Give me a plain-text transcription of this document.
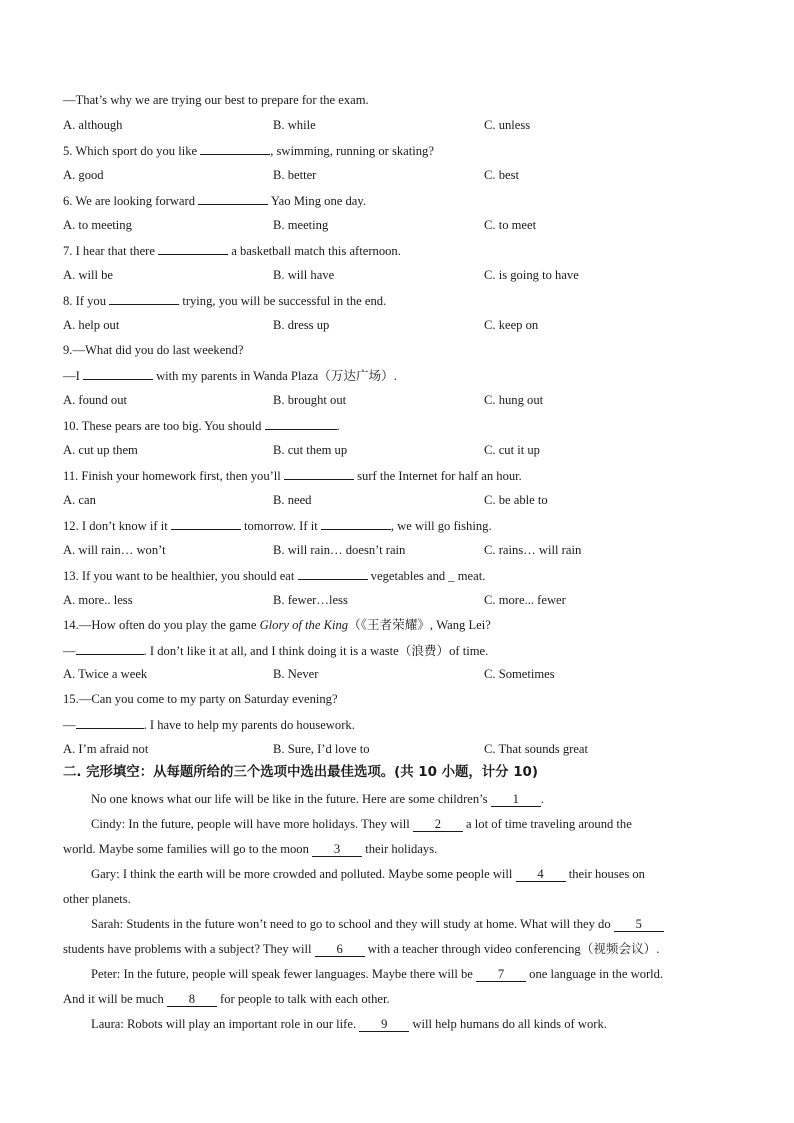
—That’s why we are trying our best to prepare for the exam.
A. although	B. while	C. unless
5. Which sport do you like	, swimming, running or skating?
A. good	B. better	C. best
6. We are looking forward	Yao Ming one day.
A. to meeting	B. meeting	C. to meet
7. I hear that there	a basketball match this afternoon.
A. will be	B. will have	C. is going to have
8. If you	trying, you will be successful in the end.
A. help out	B. dress up	C. keep on
9.—What did you do last weekend?
—I	with my parents in Wanda Plaza（万达广场）.
A. found out	B. brought out	C. hung out
10. These pears are too big. You should	.
A. cut up them	B. cut them up	C. cut it up
11. Finish your homework first, then you’ll	surf the Internet for half an hour.
A. can	B. need	C. be able to
12. I don’t know if it	tomorrow. If it	, we will go fishing.
A. will rain… won’t	B. will rain… doesn’t rain	C. rains… will rain
13. If you want to be healthier, you should eat	vegetables and _ meat.
A. more.. less	B. fewer…less	C. more... fewer
14.—How often do you play the game Glory of the King（《王者荣耀》, Wang Lei?
—	. I don’t like it at all, and I think doing it is a waste（浪费）of time.
A. Twice a week	B. Never	C. Sometimes
15.—Can you come to my party on Saturday evening?
—	. I have to help my parents do housework.
A. I’m afraid not	B. Sure, I’d love to	C. That sounds great
二. 完形填空：从每题所给的三个选项中选出最佳选项。(共 10 小题，计分 10)
No one knows what our life will be like in the future. Here are some children’s 1 .
Cindy: In the future, people will have more holidays. They will 2 a lot of time traveling around the
world. Maybe some families will go to the moon 3 their holidays.
Gary: I think the earth will be more crowded and polluted. Maybe some people will 4 their houses on
other planets.
Sarah: Students in the future won’t need to go to school and they will study at home. What will they do 5
students have problems with a subject? They will 6 with a teacher through video conferencing（视频会议）.
Peter: In the future, people will speak fewer languages. Maybe there will be 7 one language in the world.
And it will be much 8 for people to talk with each other.
Laura: Robots will play an important role in our life. 9 will help humans do all kinds of work.
